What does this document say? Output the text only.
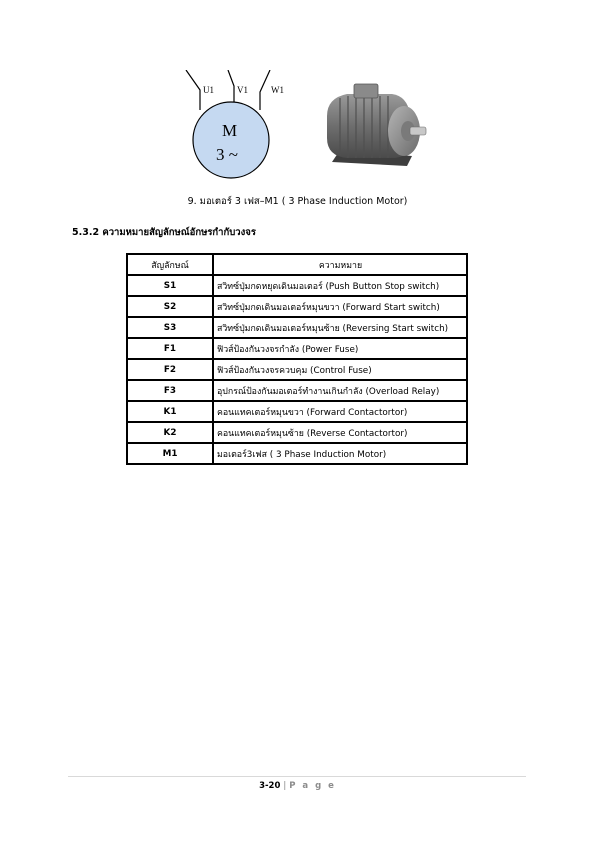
U1	V1	W1
M
3 ~
9. มอเตอร์ 3 เฟส–M1 ( 3 Phase Induction Motor)
5.3.2 ความหมายสัญลักษณ์อักษรกำกับวงจร
สัญลักษณ์	ความหมาย
S1	สวิทซ์ปุ่มกดหยุดเดินมอเตอร์ (Push Button Stop switch)
S2	สวิทซ์ปุ่มกดเดินมอเตอร์หมุนขวา (Forward Start switch)
S3	สวิทซ์ปุ่มกดเดินมอเตอร์หมุนซ้าย (Reversing Start switch)
F1	ฟิวส์ป้องกันวงจรกำลัง (Power Fuse)
F2	ฟิวส์ป้องกันวงจรควบคุม (Control Fuse)
F3	อุปกรณ์ป้องกันมอเตอร์ทำงานเกินกำลัง (Overload Relay)
K1	คอนแทคเตอร์หมุนขวา (Forward Contactortor)
K2	คอนแทคเตอร์หมุนซ้าย (Reverse Contactortor)
M1	มอเตอร์3เฟส ( 3 Phase Induction Motor)
3-20 | P a g e
